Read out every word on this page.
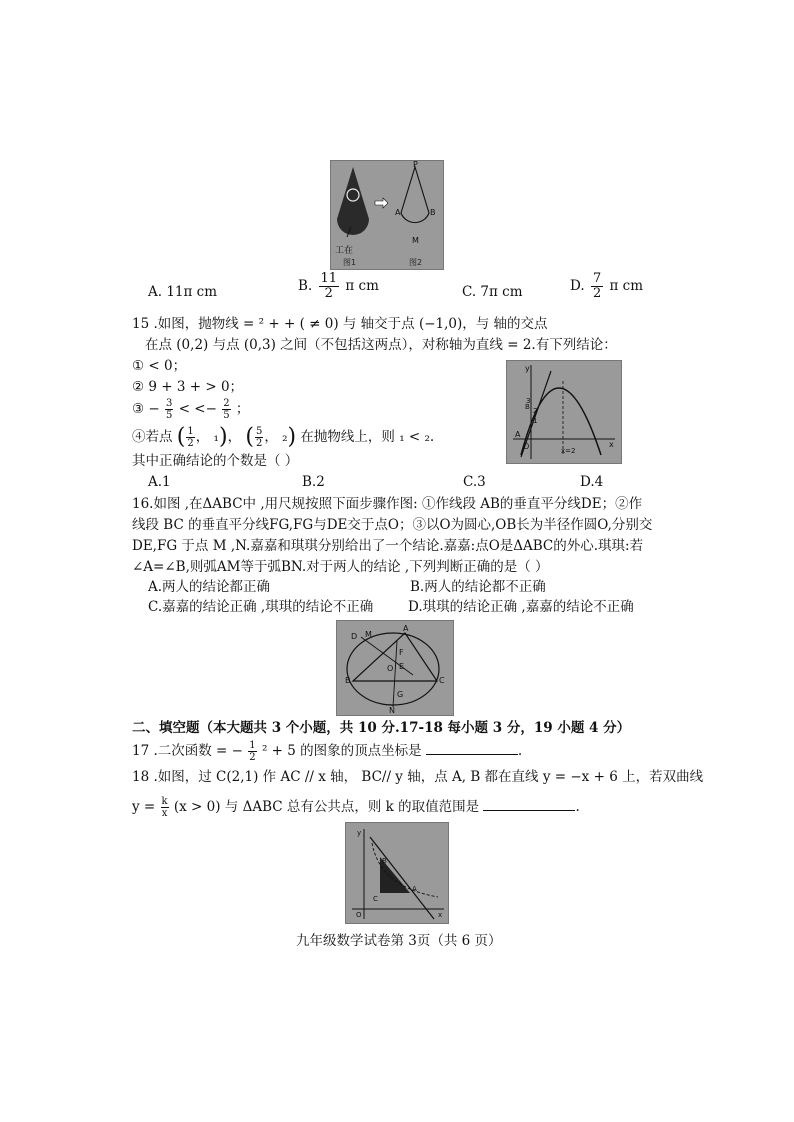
工在
P
A	B
M
图1	图2
A. 11π cm	B. $\frac{11}{2}$ π cm	C. 7π cm	D. $\frac{7}{2}$ π cm
15 .如图，抛物线 = ² + + ( ≠ 0) 与 轴交于点 (−1,0)，与 轴的交点
在点 (0,2) 与点 (0,3) 之间（不包括这两点），对称轴为直线 = 2.有下列结论：
① < 0；
② 9 + 3 + > 0；
③ − $\frac{3}{5}$ < <− $\frac{2}{5}$ ；
④若点 ( $\frac{1}{2}$ ， ₁)， ( $\frac{5}{2}$ ， ₂) 在抛物线上，则 ₁ < ₂.
其中正确结论的个数是（ ）
A.1	B.2	C.3	D.4
y
x
O
A
3
2
1
B
x=2
16.如图 ,在ΔABC中 ,用尺规按照下面步骤作图: ①作线段 AB的垂直平分线DE；②作
线段 BC 的垂直平分线FG,FG与DE交于点O；③以O为圆心,OB长为半径作圆O,分别交
DE,FG 于点 M ,N.嘉嘉和琪琪分别给出了一个结论.嘉嘉:点O是ΔABC的外心.琪琪:若
∠A=∠B,则弧AM等于弧BN.对于两人的结论 ,下列判断正确的是（ ）
A.两人的结论都正确	B.两人的结论都不正确
C.嘉嘉的结论正确 ,琪琪的结论不正确	D.琪琪的结论正确 ,嘉嘉的结论不正确
D M
A
F
O E
B	C
G
N
二、填空题（本大题共 3 个小题，共 10 分.17-18 每小题 3 分，19 小题 4 分）
17 .二次函数 = − $\frac{1}{2} ^2 + 5$ 的图象的顶点坐标是	.
18 .如图，过 C(2,1) 作 AC // x 轴， BC// y 轴，点 A, B 都在直线 y = −x + 6 上，若双曲线
$y = \frac{k}{x} (x > 0)$ 与 ΔABC 总有公共点，则 k 的取值范围是	.
y
B
C
A
O	x
九年级数学试卷第 3页（共 6 页）
